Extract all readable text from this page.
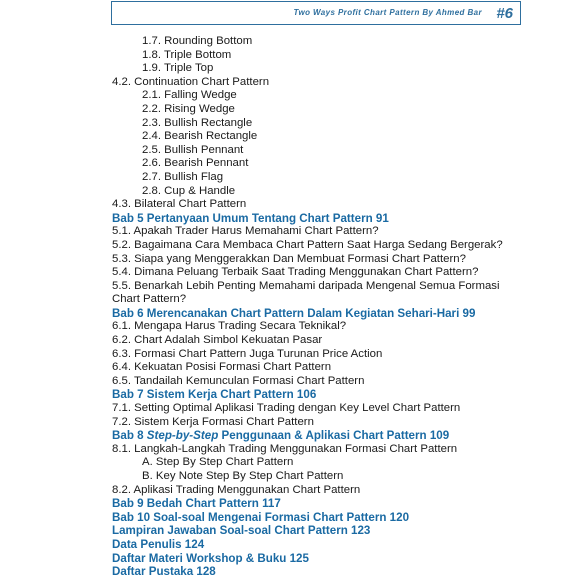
Two Ways Profit Chart Pattern By Ahmed Bar #6
1.7. Rounding Bottom
1.8. Triple Bottom
1.9. Triple Top
4.2. Continuation Chart Pattern
2.1. Falling Wedge
2.2. Rising Wedge
2.3. Bullish Rectangle
2.4. Bearish Rectangle
2.5. Bullish Pennant
2.6. Bearish Pennant
2.7. Bullish Flag
2.8. Cup & Handle
4.3. Bilateral Chart Pattern
Bab 5 Pertanyaan Umum Tentang Chart Pattern 91
5.1. Apakah Trader Harus Memahami Chart Pattern?
5.2. Bagaimana Cara Membaca Chart Pattern Saat Harga Sedang Bergerak?
5.3. Siapa yang Menggerakkan Dan Membuat Formasi Chart Pattern?
5.4. Dimana Peluang Terbaik Saat Trading Menggunakan Chart Pattern?
5.5. Benarkah Lebih Penting Memahami daripada Mengenal Semua Formasi Chart Pattern?
Bab 6 Merencanakan Chart Pattern Dalam Kegiatan Sehari-Hari 99
6.1. Mengapa Harus Trading Secara Teknikal?
6.2. Chart Adalah Simbol Kekuatan Pasar
6.3. Formasi Chart Pattern Juga Turunan Price Action
6.4. Kekuatan Posisi Formasi Chart Pattern
6.5. Tandailah Kemunculan Formasi Chart Pattern
Bab 7 Sistem Kerja Chart Pattern 106
7.1. Setting Optimal Aplikasi Trading dengan Key Level Chart Pattern
7.2. Sistem Kerja Formasi Chart Pattern
Bab 8 Step-by-Step Penggunaan & Aplikasi Chart Pattern 109
8.1. Langkah-Langkah Trading Menggunakan Formasi Chart Pattern
A. Step By Step Chart Pattern
B. Key Note Step By Step Chart Pattern
8.2. Aplikasi Trading Menggunakan Chart Pattern
Bab 9 Bedah Chart Pattern 117
Bab 10 Soal-soal Mengenai Formasi Chart Pattern 120
Lampiran Jawaban Soal-soal Chart Pattern 123
Data Penulis 124
Daftar Materi Workshop & Buku 125
Daftar Pustaka 128
